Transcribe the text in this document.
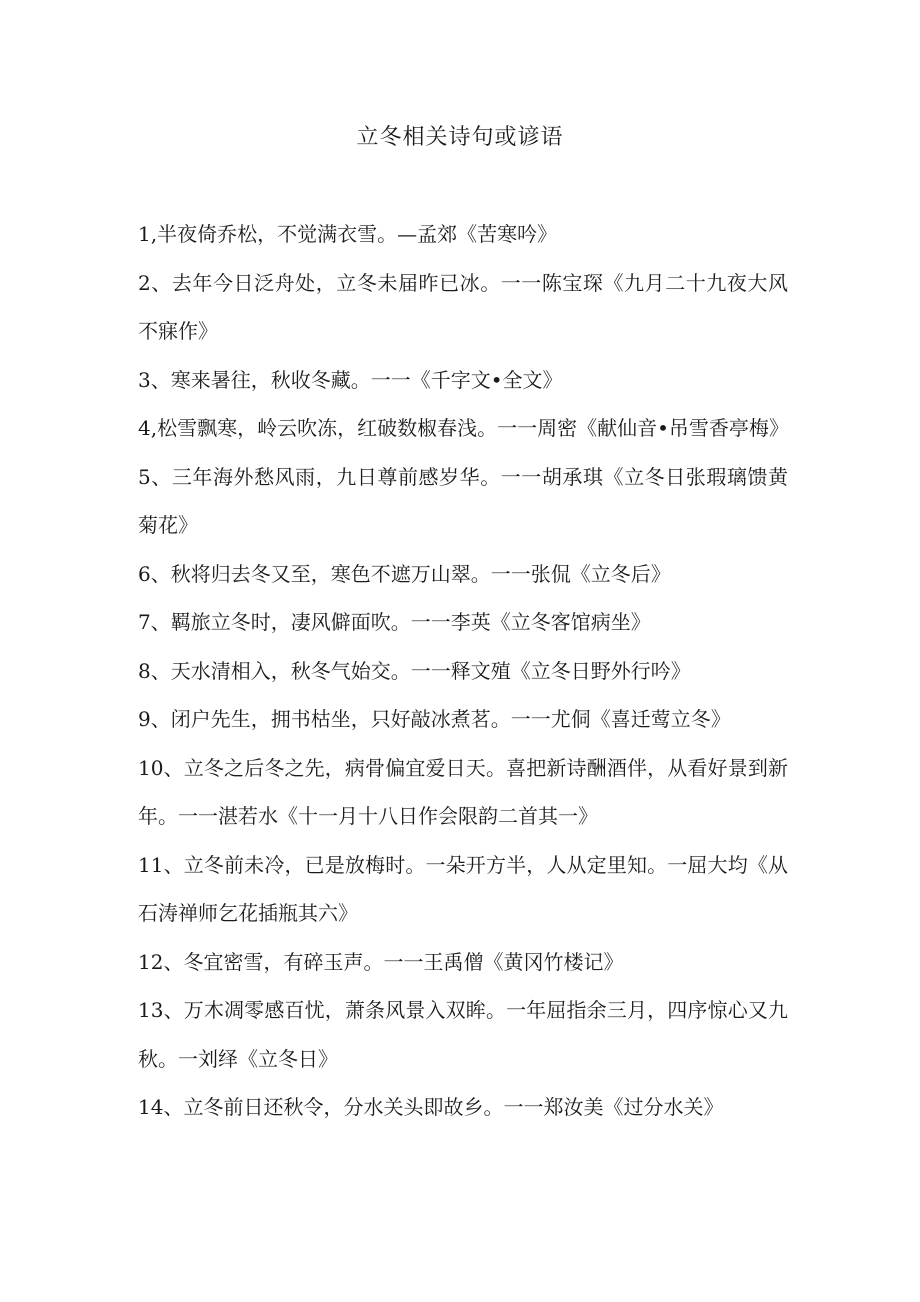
立冬相关诗句或谚语

1,半夜倚乔松，不觉满衣雪。—孟郊《苦寒吟》

2、去年今日泛舟处，立冬未届昨已冰。一一陈宝琛《九月二十九夜大风不寐作》

3、寒来暑往，秋收冬藏。一一《千字文•全文》

4,松雪飘寒，岭云吹冻，红破数椒春浅。一一周密《献仙音•吊雪香亭梅》

5、三年海外愁风雨，九日尊前感岁华。一一胡承琪《立冬日张瑕璃馈黄菊花》

6、秋将归去冬又至，寒色不遮万山翠。一一张侃《立冬后》

7、羁旅立冬时，凄风僻面吹。一一李英《立冬客馆病坐》

8、天水清相入，秋冬气始交。一一释文殖《立冬日野外行吟》

9、闭户先生，拥书枯坐，只好敲冰煮茗。一一尤侗《喜迁莺立冬》

10、立冬之后冬之先，病骨偏宜爱日天。喜把新诗酬酒伴，从看好景到新年。一一湛若水《十一月十八日作会限韵二首其一》

11、立冬前未冷，已是放梅时。一朵开方半，人从定里知。一屈大均《从石涛禅师乞花插瓶其六》

12、冬宜密雪，有碎玉声。一一王禹僧《黄冈竹楼记》

13、万木凋零感百忧，萧条风景入双眸。一年屈指余三月，四序惊心又九秋。一刘绎《立冬日》

14、立冬前日还秋令，分水关头即故乡。一一郑汝美《过分水关》
